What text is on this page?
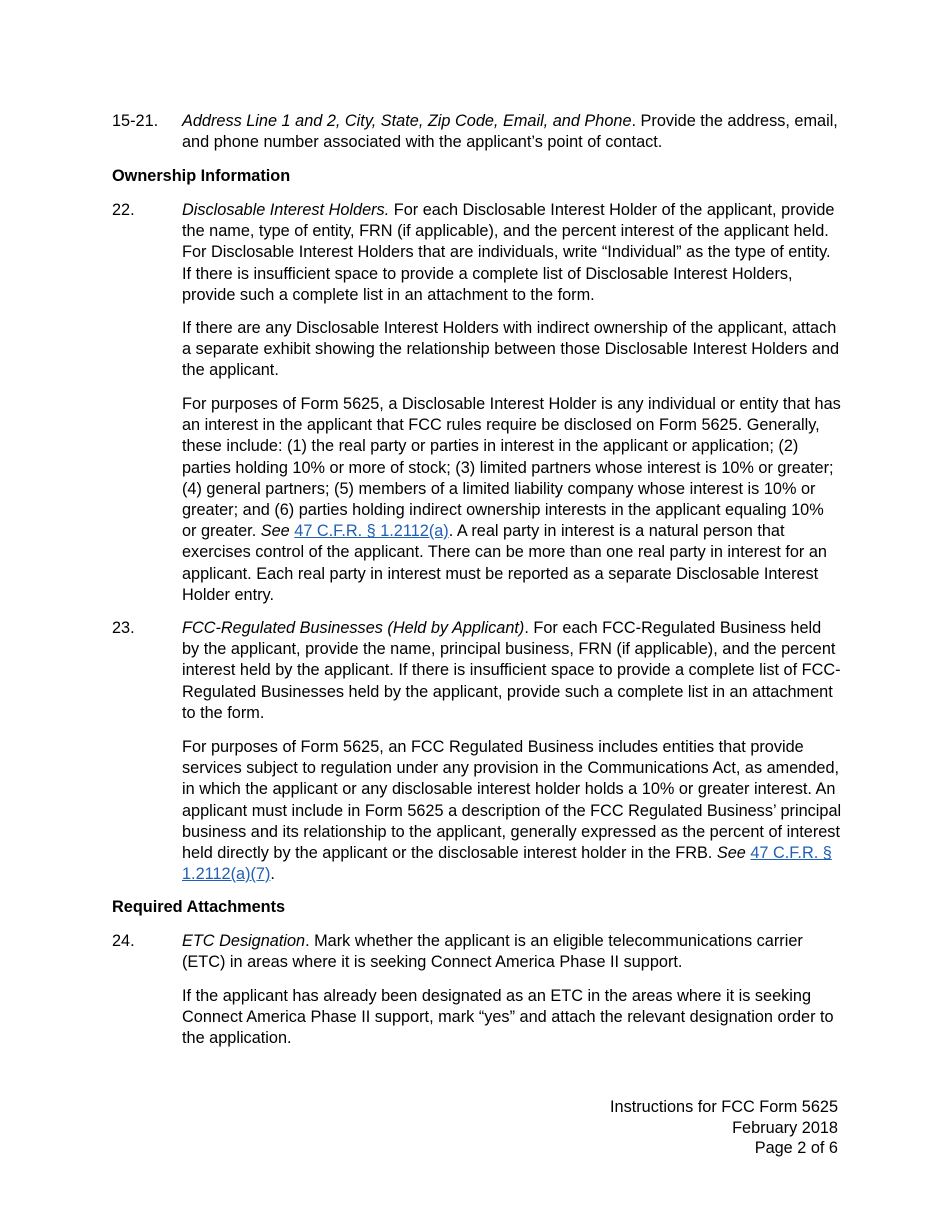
15-21. Address Line 1 and 2, City, State, Zip Code, Email, and Phone. Provide the address, email, and phone number associated with the applicant’s point of contact.
Ownership Information
22.	Disclosable Interest Holders. For each Disclosable Interest Holder of the applicant, provide the name, type of entity, FRN (if applicable), and the percent interest of the applicant held. For Disclosable Interest Holders that are individuals, write “Individual” as the type of entity. If there is insufficient space to provide a complete list of Disclosable Interest Holders, provide such a complete list in an attachment to the form.
If there are any Disclosable Interest Holders with indirect ownership of the applicant, attach a separate exhibit showing the relationship between those Disclosable Interest Holders and the applicant.
For purposes of Form 5625, a Disclosable Interest Holder is any individual or entity that has an interest in the applicant that FCC rules require be disclosed on Form 5625. Generally, these include: (1) the real party or parties in interest in the applicant or application; (2) parties holding 10% or more of stock; (3) limited partners whose interest is 10% or greater; (4) general partners; (5) members of a limited liability company whose interest is 10% or greater; and (6) parties holding indirect ownership interests in the applicant equaling 10% or greater. See 47 C.F.R. § 1.2112(a). A real party in interest is a natural person that exercises control of the applicant. There can be more than one real party in interest for an applicant. Each real party in interest must be reported as a separate Disclosable Interest Holder entry.
23.	FCC-Regulated Businesses (Held by Applicant). For each FCC-Regulated Business held by the applicant, provide the name, principal business, FRN (if applicable), and the percent interest held by the applicant. If there is insufficient space to provide a complete list of FCC-Regulated Businesses held by the applicant, provide such a complete list in an attachment to the form.
For purposes of Form 5625, an FCC Regulated Business includes entities that provide services subject to regulation under any provision in the Communications Act, as amended, in which the applicant or any disclosable interest holder holds a 10% or greater interest. An applicant must include in Form 5625 a description of the FCC Regulated Business’ principal business and its relationship to the applicant, generally expressed as the percent of interest held directly by the applicant or the disclosable interest holder in the FRB. See 47 C.F.R. § 1.2112(a)(7).
Required Attachments
24.	ETC Designation. Mark whether the applicant is an eligible telecommunications carrier (ETC) in areas where it is seeking Connect America Phase II support.
If the applicant has already been designated as an ETC in the areas where it is seeking Connect America Phase II support, mark “yes” and attach the relevant designation order to the application.
Instructions for FCC Form 5625
February 2018
Page 2 of 6
